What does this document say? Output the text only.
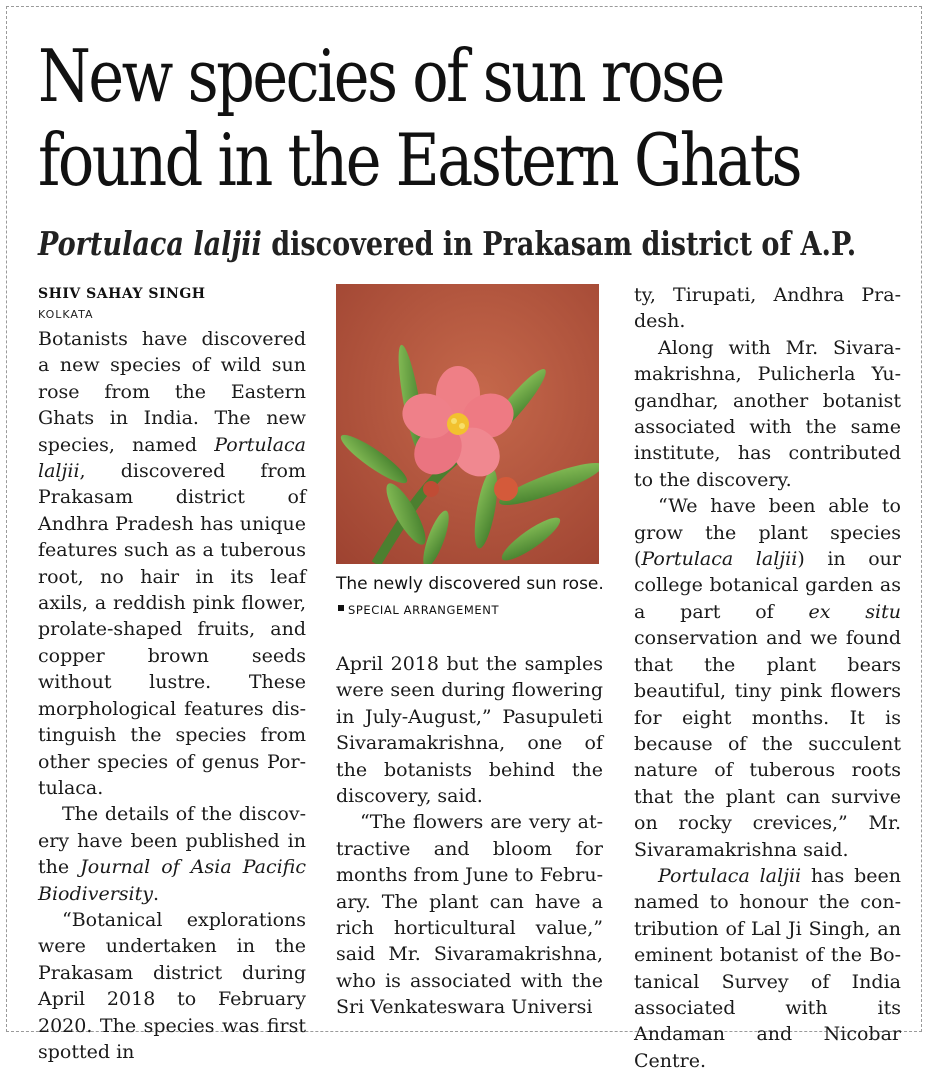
New species of sun rose
found in the Eastern Ghats
Portulaca laljii discovered in Prakasam district of A.P.
SHIV SAHAY SINGH
KOLKATA

Botanists have discovered a new species of wild sun rose from the Eastern Ghats in India. The new species, named Portulaca laljii, discovered from Prakasam district of Andhra Pradesh has unique features such as a tuberous root, no hair in its leaf axils, a reddish pink flower, prolate-shaped fruits, and copper brown seeds without lustre. These morphological features distinguish the species from other species of genus Portulaca.

The details of the discovery have been published in the Journal of Asia Pacific Biodiversity.

“Botanical explorations were undertaken in the Prakasam district during April 2018 to February 2020. The species was first spotted in

The newly discovered sun rose. SPECIAL ARRANGEMENT

April 2018 but the samples were seen during flowering in July-August,” Pasupuleti Sivaramakrishna, one of the botanists behind the discovery, said.

“The flowers are very attractive and bloom for months from June to February. The plant can have a rich horticultural value,” said Mr. Sivaramakrishna, who is associated with the Sri Venkateswara Universi

ty, Tirupati, Andhra Pradesh.

Along with Mr. Sivaramakrishna, Pulicherla Yugandhar, another botanist associated with the same institute, has contributed to the discovery.

“We have been able to grow the plant species (Portulaca laljii) in our college botanical garden as a part of ex situ conservation and we found that the plant bears beautiful, tiny pink flowers for eight months. It is because of the succulent nature of tuberous roots that the plant can survive on rocky crevices,” Mr. Sivaramakrishna said.

Portulaca laljii has been named to honour the contribution of Lal Ji Singh, an eminent botanist of the Botanical Survey of India associated with its Andaman and Nicobar Centre.
